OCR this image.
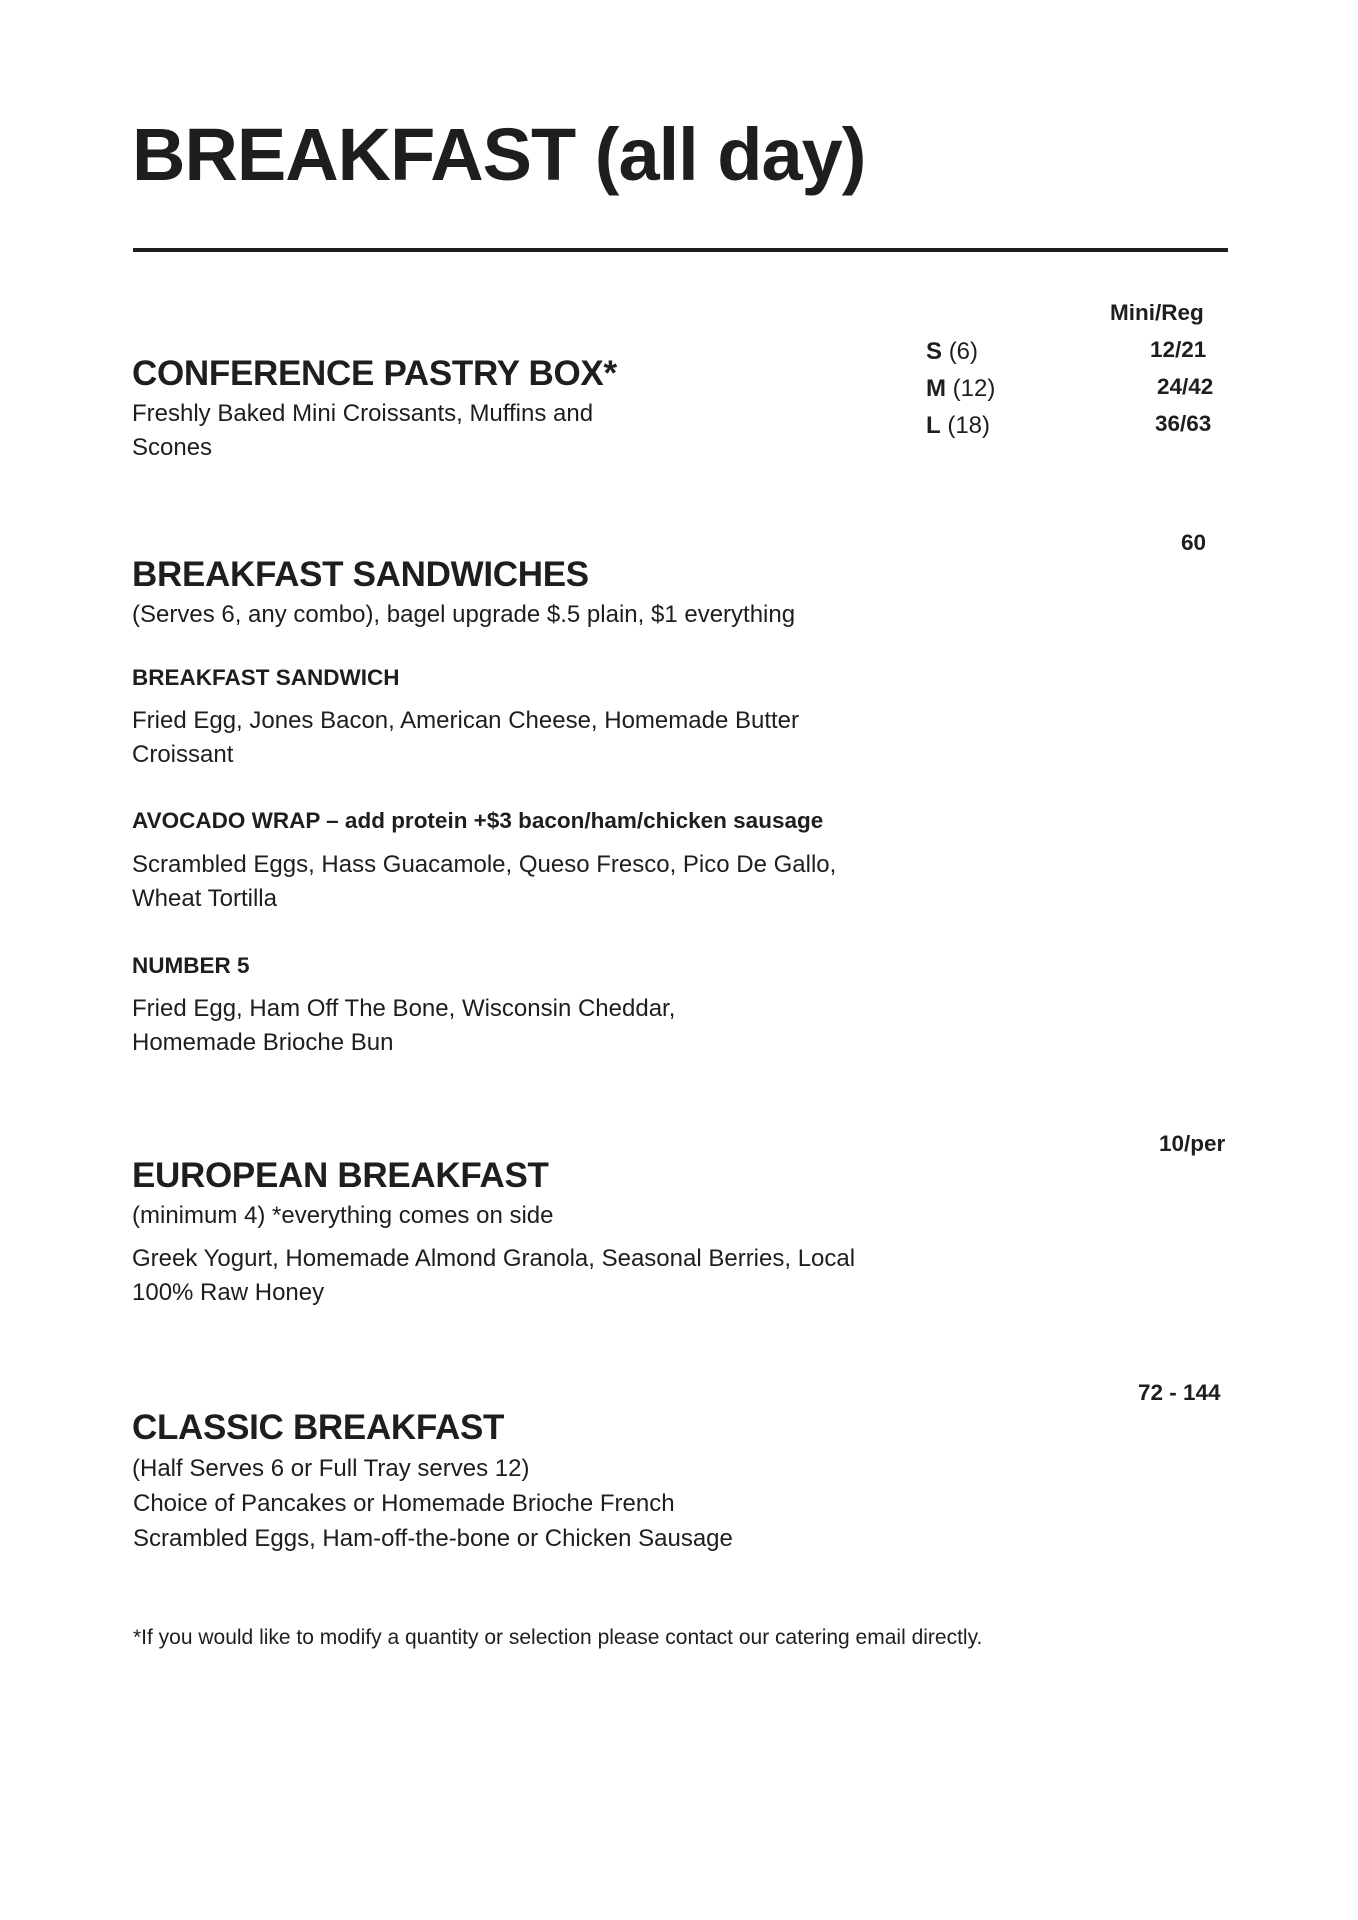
BREAKFAST (all day)
Mini/Reg
S (6)	12/21
M (12)	24/42
L (18)	36/63
CONFERENCE PASTRY BOX*
Freshly Baked Mini Croissants, Muffins and Scones
60
BREAKFAST SANDWICHES
(Serves 6, any combo), bagel upgrade $.5 plain, $1 everything
BREAKFAST SANDWICH
Fried Egg, Jones Bacon, American Cheese, Homemade Butter Croissant
AVOCADO WRAP – add protein +$3 bacon/ham/chicken sausage
Scrambled Eggs, Hass Guacamole, Queso Fresco, Pico De Gallo, Wheat Tortilla
NUMBER 5
Fried Egg, Ham Off The Bone, Wisconsin Cheddar,
Homemade Brioche Bun
10/per
EUROPEAN BREAKFAST
(minimum 4) *everything comes on side
Greek Yogurt, Homemade Almond Granola, Seasonal Berries, Local 100% Raw Honey
72 - 144
CLASSIC BREAKFAST
(Half Serves 6 or Full Tray serves 12)
Choice of Pancakes or Homemade Brioche French
Scrambled Eggs, Ham-off-the-bone or Chicken Sausage
*If you would like to modify a quantity or selection please contact our catering email directly.
